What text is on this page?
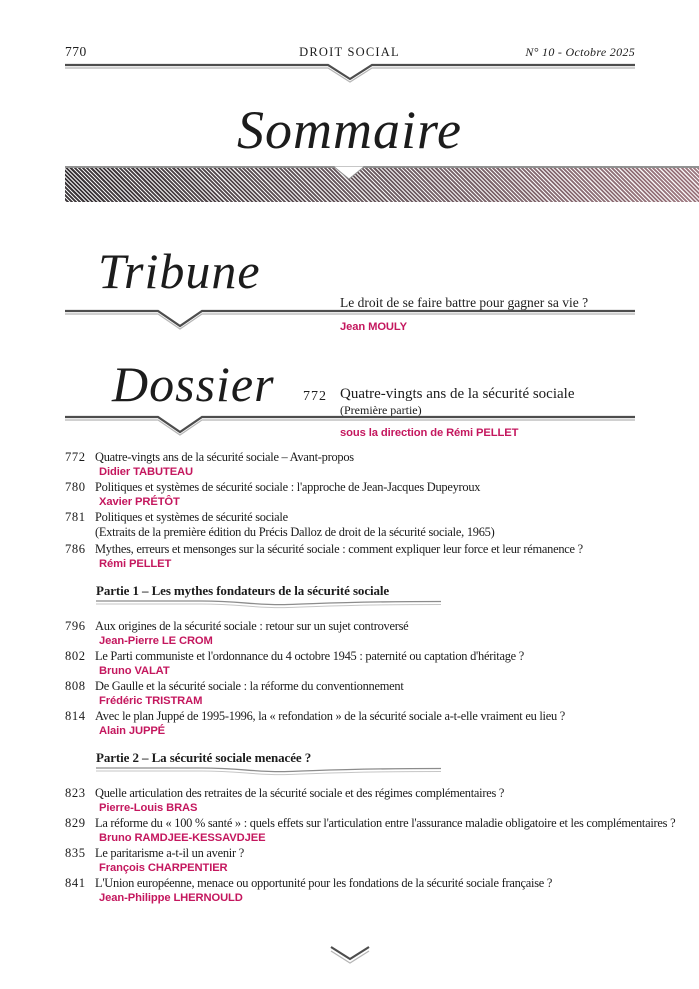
770	DROIT SOCIAL	N° 10 - Octobre 2025
Sommaire
Tribune
Le droit de se faire battre pour gagner sa vie ?
Jean MOULY
Dossier 772 Quatre-vingts ans de la sécurité sociale
(Première partie)
sous la direction de Rémi PELLET
772 Quatre-vingts ans de la sécurité sociale – Avant-propos
Didier TABUTEAU
780 Politiques et systèmes de sécurité sociale : l'approche de Jean-Jacques Dupeyroux
Xavier PRÉTÔT
781 Politiques et systèmes de sécurité sociale
(Extraits de la première édition du Précis Dalloz de droit de la sécurité sociale, 1965)
786 Mythes, erreurs et mensonges sur la sécurité sociale : comment expliquer leur force et leur rémanence ?
Rémi PELLET
Partie 1 – Les mythes fondateurs de la sécurité sociale
796 Aux origines de la sécurité sociale : retour sur un sujet controversé
Jean-Pierre LE CROM
802 Le Parti communiste et l'ordonnance du 4 octobre 1945 : paternité ou captation d'héritage ?
Bruno VALAT
808 De Gaulle et la sécurité sociale : la réforme du conventionnement
Frédéric TRISTRAM
814 Avec le plan Juppé de 1995-1996, la « refondation » de la sécurité sociale a-t-elle vraiment eu lieu ?
Alain JUPPÉ
Partie 2 – La sécurité sociale menacée ?
823 Quelle articulation des retraites de la sécurité sociale et des régimes complémentaires ?
Pierre-Louis BRAS
829 La réforme du « 100 % santé » : quels effets sur l'articulation entre l'assurance maladie obligatoire et les complémentaires ?
Bruno RAMDJEE-KESSAVDJEE
835 Le paritarisme a-t-il un avenir ?
François CHARPENTIER
841 L'Union européenne, menace ou opportunité pour les fondations de la sécurité sociale française ?
Jean-Philippe LHERNOULD
